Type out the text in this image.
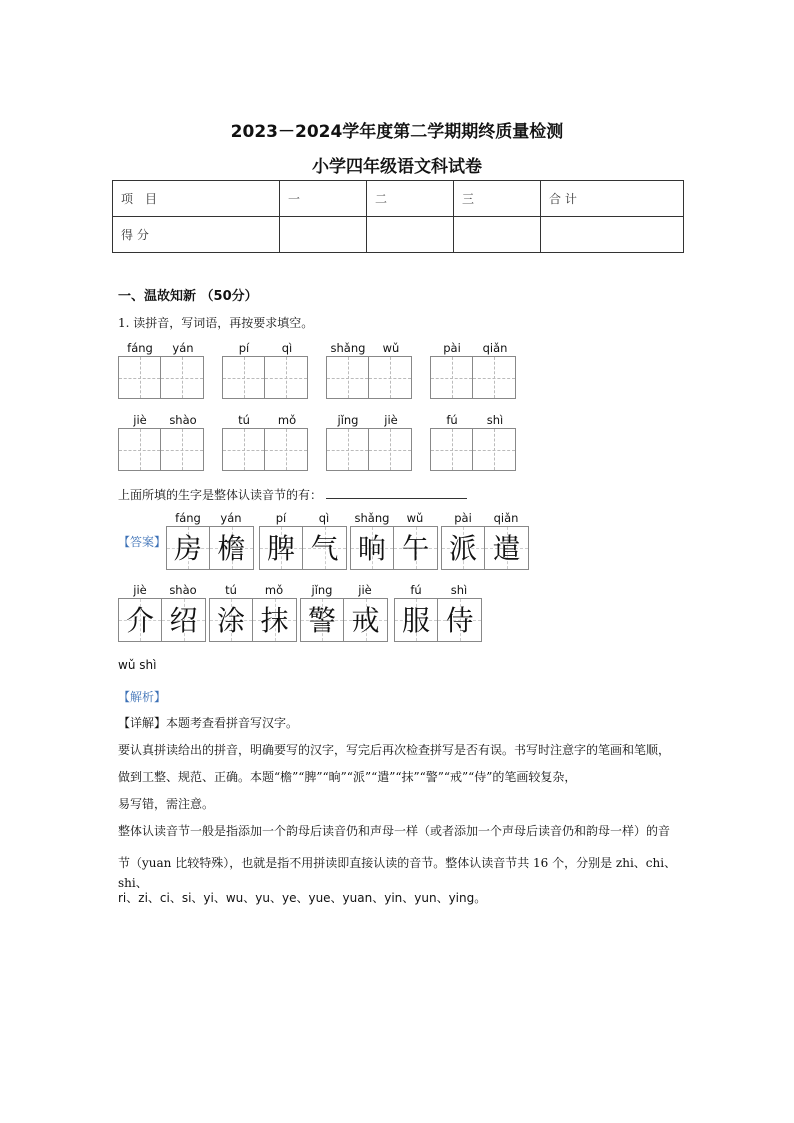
2023－2024学年度第二学期期终质量检测
小学四年级语文科试卷
项　目	一	二	三	合 计
得 分				
一、温故知新 （50分）
1. 读拼音，写词语，再按要求填空。
fáng	yán	pí	qì	shǎng	wǔ	pài	qiǎn
jiè	shào	tú	mǒ	jǐng	jiè	fú	shì
上面所填的生字是整体认读音节的有：
【答案】
fáng	yán	pí	qì	shǎng	wǔ	pài	qiǎn
房 檐 脾 气 晌 午 派 遣
jiè	shào	tú	mǒ	jǐng	jiè	fú	shì
介 绍 涂 抹 警 戒 服 侍
wǔ shì
【解析】
【详解】本题考查看拼音写汉字。
要认真拼读给出的拼音，明确要写的汉字，写完后再次检查拼写是否有误。书写时注意字的笔画和笔顺，
做到工整、规范、正确。本题“檐”“脾”“晌”“派”“遣”“抹”“警”“戒”“侍”的笔画较复杂，
易写错，需注意。
整体认读音节一般是指添加一个韵母后读音仍和声母一样（或者添加一个声母后读音仍和韵母一样）的音
节（yuan 比较特殊），也就是指不用拼读即直接认读的音节。整体认读音节共 16 个，分别是 zhi、chi、shi、
ri、zi、ci、si、yi、wu、yu、ye、yue、yuan、yin、yun、ying。
